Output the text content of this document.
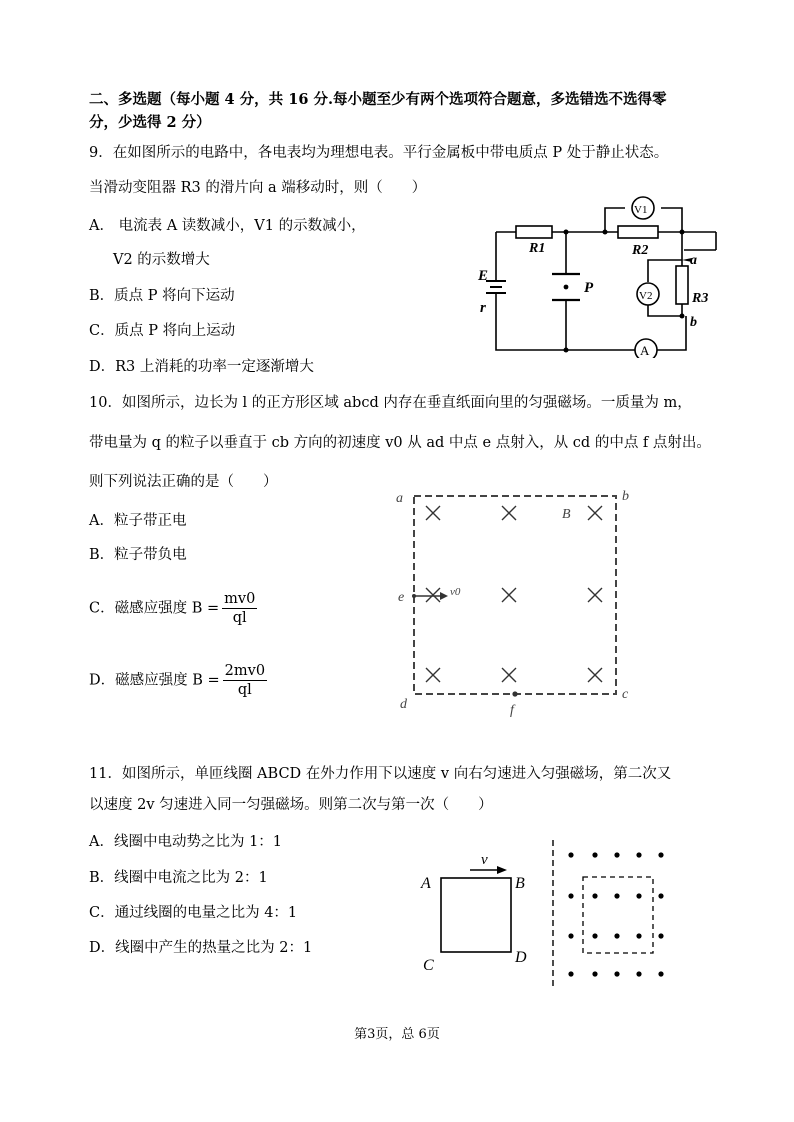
二、多选题（每小题 4 分，共 16 分.每小题至少有两个选项符合题意，多选错选不选得零
分，少选得 2 分）
9．在如图所示的电路中，各电表均为理想电表。平行金属板中带电质点 P 处于静止状态。
当滑动变阻器 R3 的滑片向 a 端移动时，则（　　）
A． 电流表 A 读数减小，V1 的示数减小，
V2 的示数增大
B．质点 P 将向下运动
C．质点 P 将向上运动
D．R3 上消耗的功率一定逐渐增大
R1	R2
R3
V1
V2
A
E
r
P
a
b
10．如图所示，边长为 l 的正方形区域 abcd 内存在垂直纸面向里的匀强磁场。一质量为 m，
带电量为 q 的粒子以垂直于 cb 方向的初速度 v0 从 ad 中点 e 点射入，从 cd 的中点 f 点射出。
则下列说法正确的是（　　）
A．粒子带正电
B．粒子带负电
C．磁感应强度 $B = \frac{mv0}{ql}$
D．磁感应强度 $B = \frac{2mv0}{ql}$
a	b
c
d
e
f
B
v0
11．如图所示，单匝线圈 ABCD 在外力作用下以速度 v 向右匀速进入匀强磁场，第二次又
以速度 2v 匀速进入同一匀强磁场。则第二次与第一次（　　）
A．线圈中电动势之比为 1：1
B．线圈中电流之比为 2：1
C．通过线圈的电量之比为 4：1
D．线圈中产生的热量之比为 2：1
A	B
C	D
v
第3页，总 6页
